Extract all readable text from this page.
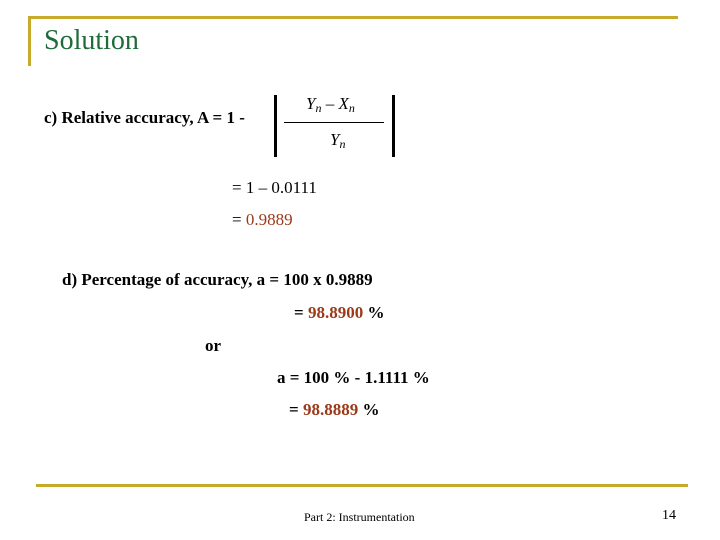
Solution
c) Relative accuracy, A = 1 -
Yn – Xn
Yn
= 1 – 0.0111
= 0.9889
d) Percentage of accuracy, a = 100 x 0.9889
= 98.8900 %
or
a = 100 % - 1.1111 %
= 98.8889 %
Part 2: Instrumentation	14
